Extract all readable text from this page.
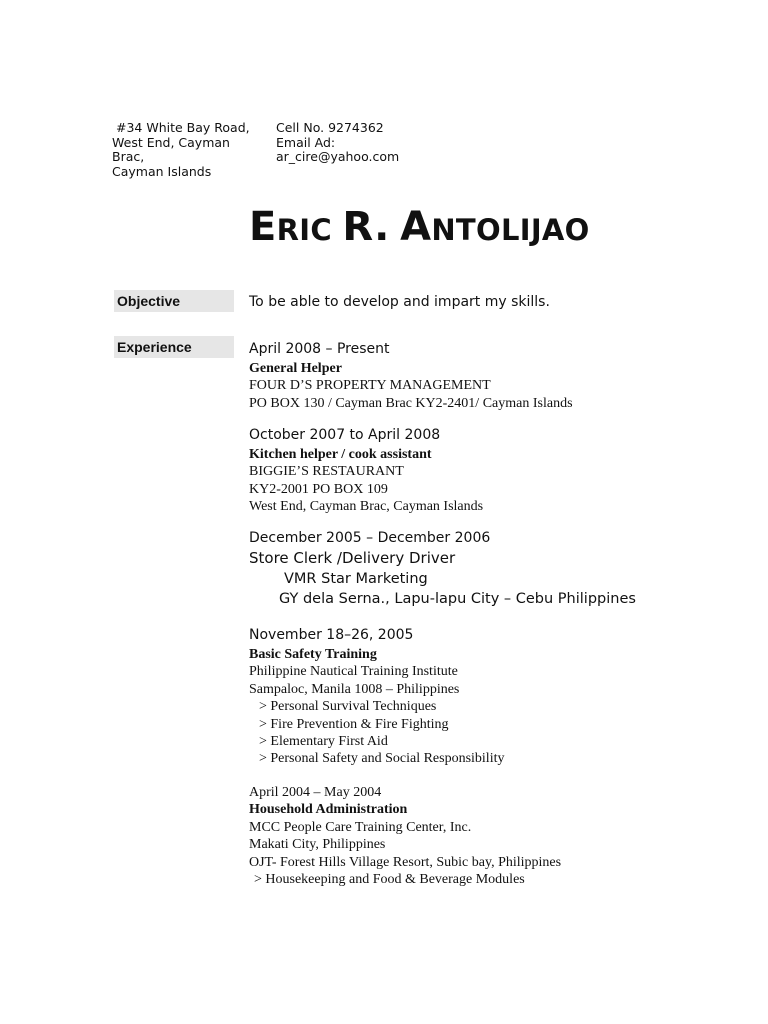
#34 White Bay Road,
West End, Cayman
Brac,
Cayman Islands
Cell No. 9274362
Email Ad:
ar_cire@yahoo.com
ERIC R. ANTOLIJAO
Objective	To be able to develop and impart my skills.
Experience	April 2008 – Present
General Helper
FOUR D’S PROPERTY MANAGEMENT
PO BOX 130 / Cayman Brac KY2-2401/ Cayman Islands
October 2007 to April 2008
Kitchen helper / cook assistant
BIGGIE’S RESTAURANT
KY2-2001 PO BOX 109
West End, Cayman Brac, Cayman Islands
December 2005 – December 2006
Store Clerk /Delivery Driver
VMR Star Marketing
GY dela Serna., Lapu-lapu City – Cebu Philippines
November 18–26, 2005
Basic Safety Training
Philippine Nautical Training Institute
Sampaloc, Manila 1008 – Philippines
> Personal Survival Techniques
> Fire Prevention & Fire Fighting
> Elementary First Aid
> Personal Safety and Social Responsibility
April 2004 – May 2004
Household Administration
MCC People Care Training Center, Inc.
Makati City, Philippines
OJT- Forest Hills Village Resort, Subic bay, Philippines
> Housekeeping and Food & Beverage Modules
